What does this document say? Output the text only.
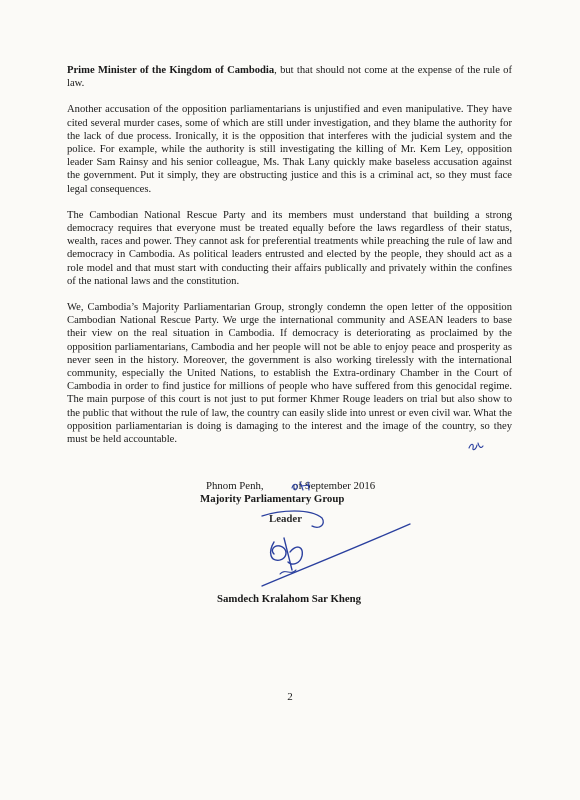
Prime Minister of the Kingdom of Cambodia, but that should not come at the expense of the rule of law.

Another accusation of the opposition parliamentarians is unjustified and even manipulative. They have cited several murder cases, some of which are still under investigation, and they blame the authority for the lack of due process. Ironically, it is the opposition that interferes with the judicial system and the police. For example, while the authority is still investigating the killing of Mr. Kem Ley, opposition leader Sam Rainsy and his senior colleague, Ms. Thak Lany quickly make baseless accusation against the government. Put it simply, they are obstructing justice and this is a criminal act, so they must face legal consequences.

The Cambodian National Rescue Party and its members must understand that building a strong democracy requires that everyone must be treated equally before the laws regardless of their status, wealth, races and power. They cannot ask for preferential treatments while preaching the rule of law and democracy in Cambodia. As political leaders entrusted and elected by the people, they should act as a role model and that must start with conducting their affairs publically and privately within the confines of the national laws and the constitution.

We, Cambodia’s Majority Parliamentarian Group, strongly condemn the open letter of the opposition Cambodian National Rescue Party. We urge the international community and ASEAN leaders to base their view on the real situation in Cambodia. If democracy is deteriorating as proclaimed by the opposition parliamentarians, Cambodia and her people will not be able to enjoy peace and prosperity as never seen in the history. Moreover, the government is also working tirelessly with the international community, especially the United Nations, to establish the Extra-ordinary Chamber in the Court of Cambodia in order to find justice for millions of people who have suffered from this genocidal regime. The main purpose of this court is not just to put former Khmer Rouge leaders on trial but also show to the public that without the rule of law, the country can easily slide into unrest or even civil war. What the opposition parliamentarian is doing is damaging to the interest and the image of the country, so they must be held accountable.

Phnom Penh,  of September 2016
Majority Parliamentary Group
Leader
Samdech Kralahom Sar Kheng
2
